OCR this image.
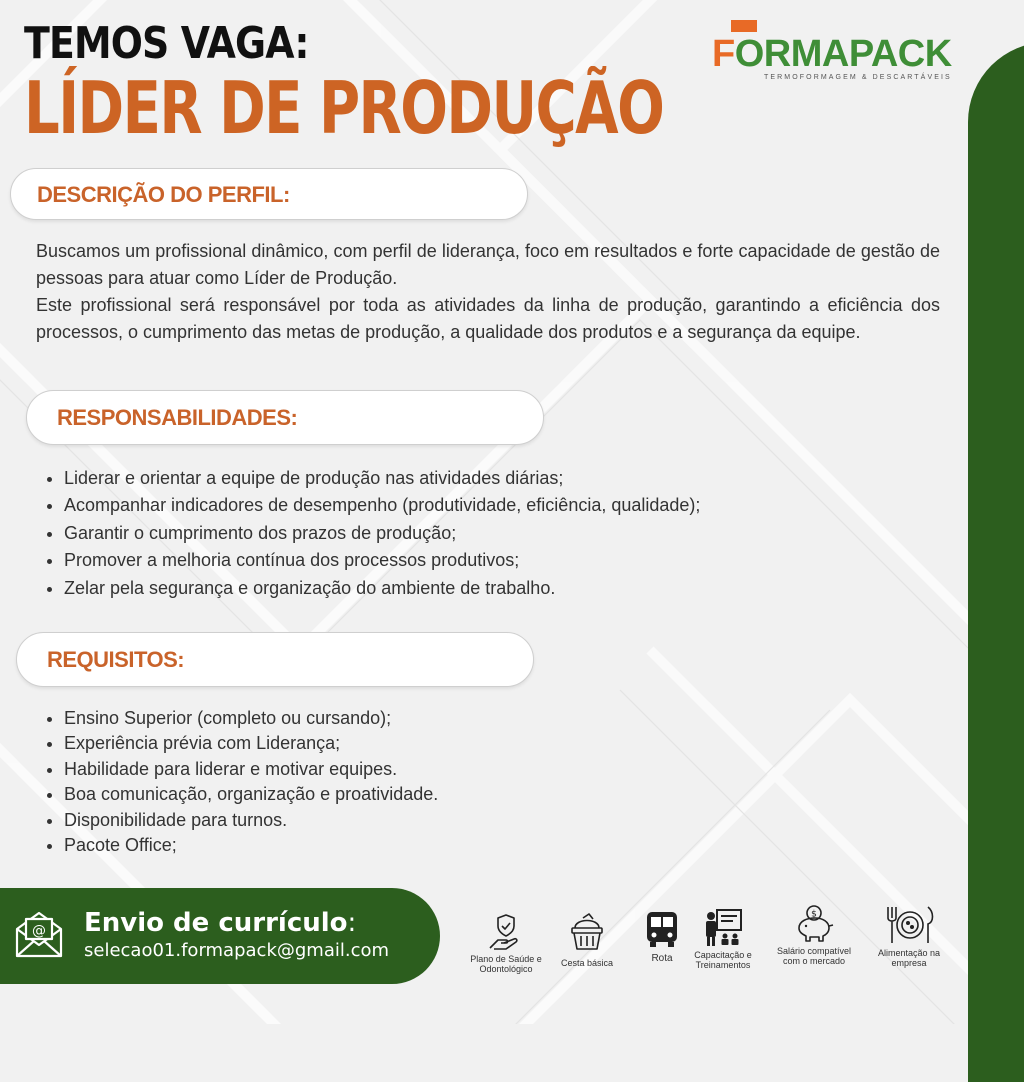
TEMOS VAGA:
LÍDER DE PRODUÇÃO
FORMAPACK
TERMOFORMAGEM & DESCARTÁVEIS
DESCRIÇÃO DO PERFIL:

Buscamos um profissional dinâmico, com perfil de liderança, foco em resultados e forte capacidade de gestão de pessoas para atuar como Líder de Produção.

Este profissional será responsável por toda as atividades da linha de produção, garantindo a eficiência dos processos, o cumprimento das metas de produção, a qualidade dos produtos e a segurança da equipe.

RESPONSABILIDADES:
• Liderar e orientar a equipe de produção nas atividades diárias;
• Acompanhar indicadores de desempenho (produtividade, eficiência, qualidade);
• Garantir o cumprimento dos prazos de produção;
• Promover a melhoria contínua dos processos produtivos;
• Zelar pela segurança e organização do ambiente de trabalho.
REQUISITOS:
• Ensino Superior (completo ou cursando);
• Experiência prévia com Liderança;
• Habilidade para liderar e motivar equipes.
• Boa comunicação, organização e proatividade.
• Disponibilidade para turnos.
• Pacote Office;
@ Envio de currículo:
selecao01.formapack@gmail.com	Plano de Saúde e
Odontológico
Cesta básica	Rota	Capacitação e
Treinamentos
$
Salário compatível
com o mercado
Alimentação na
empresa
